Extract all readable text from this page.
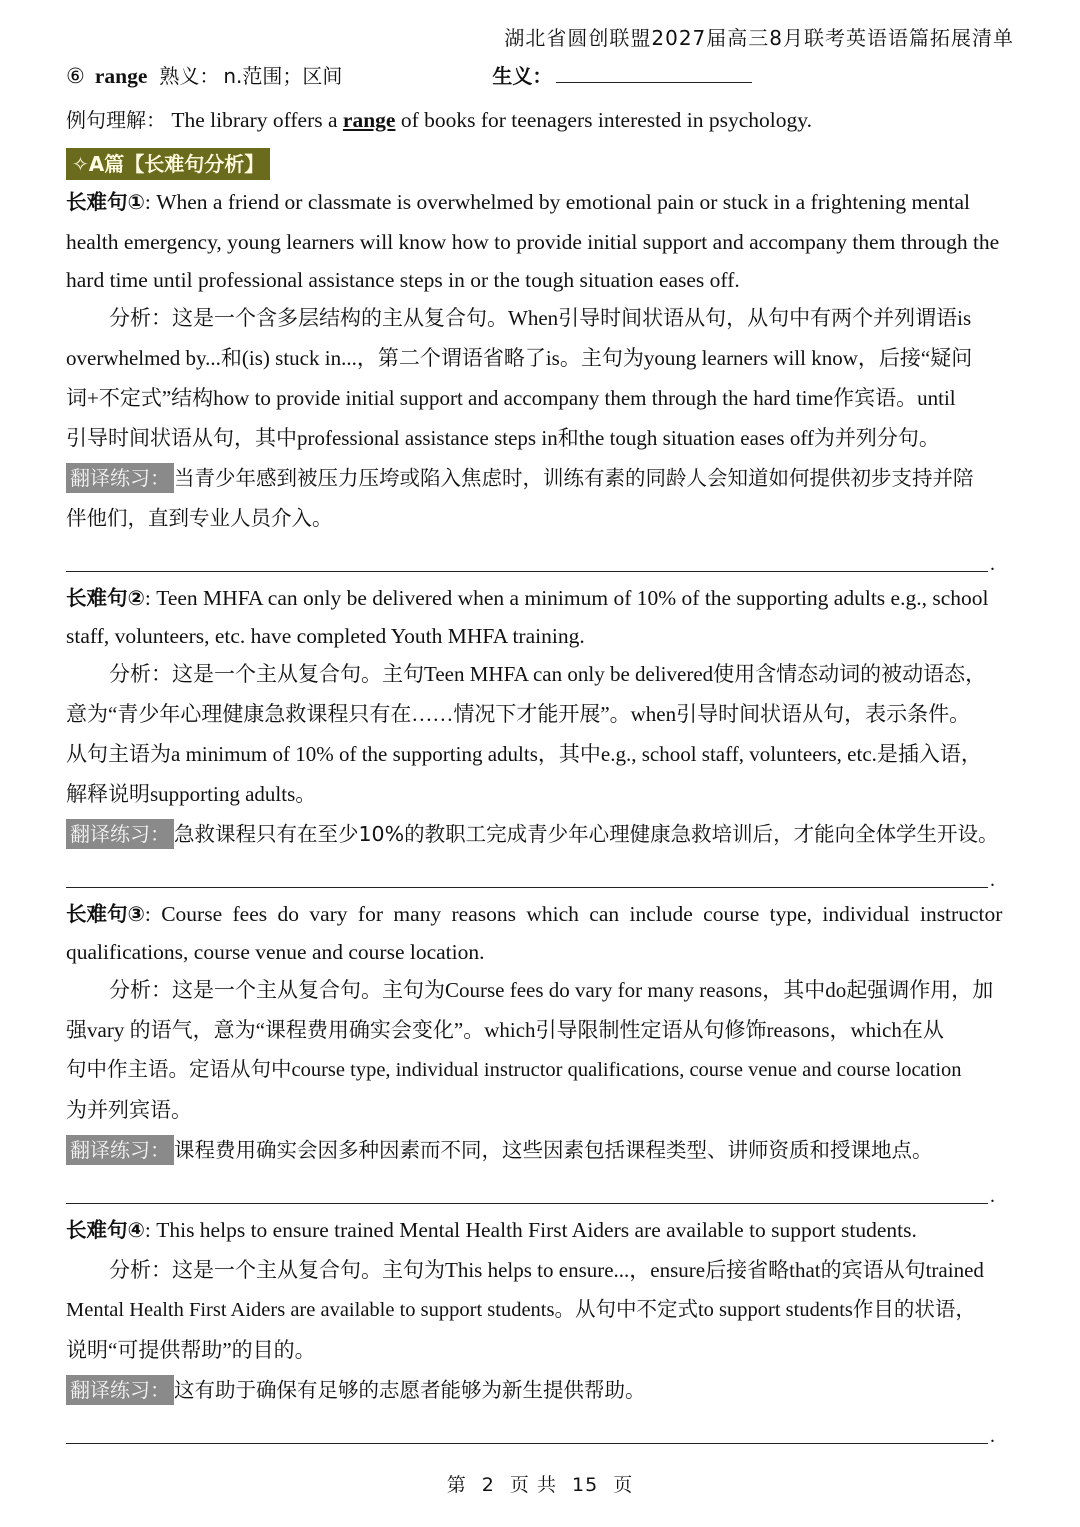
湖北省圆创联盟2027届高三8月联考英语语篇拓展清单
⑥ range 熟义： n.范围；区间	生义：
例句理解： The library offers a range of books for teenagers interested in psychology.
✧A篇【长难句分析】
长难句①: When a friend or classmate is overwhelmed by emotional pain or stuck in a frightening mental
health emergency, young learners will know how to provide initial support and accompany them through the
hard time until professional assistance steps in or the tough situation eases off.
分析：这是一个含多层结构的主从复合句。When引导时间状语从句，从句中有两个并列谓语is
overwhelmed by...和(is) stuck in...，第二个谓语省略了is。主句为young learners will know，后接“疑问
词+不定式”结构how to provide initial support and accompany them through the hard time作宾语。until
引导时间状语从句，其中professional assistance steps in和the tough situation eases off为并列分句。
翻译练习： 当青少年感到被压力压垮或陷入焦虑时，训练有素的同龄人会知道如何提供初步支持并陪
伴他们，直到专业人员介入。
.
长难句②: Teen MHFA can only be delivered when a minimum of 10% of the supporting adults e.g., school
staff, volunteers, etc. have completed Youth MHFA training.
分析：这是一个主从复合句。主句Teen MHFA can only be delivered使用含情态动词的被动语态，
意为“青少年心理健康急救课程只有在……情况下才能开展”。when引导时间状语从句，表示条件。
从句主语为a minimum of 10% of the supporting adults，其中e.g., school staff, volunteers, etc.是插入语，
解释说明supporting adults。
翻译练习： 急救课程只有在至少10%的教职工完成青少年心理健康急救培训后，才能向全体学生开设。
.
长难句③: Course fees do vary for many reasons which can include course type, individual instructor
qualifications, course venue and course location.
分析：这是一个主从复合句。主句为Course fees do vary for many reasons，其中do起强调作用，加
强vary 的语气，意为“课程费用确实会变化”。which引导限制性定语从句修饰reasons，which在从
句中作主语。定语从句中course type, individual instructor qualifications, course venue and course location
为并列宾语。
翻译练习： 课程费用确实会因多种因素而不同，这些因素包括课程类型、讲师资质和授课地点。
.
长难句④: This helps to ensure trained Mental Health First Aiders are available to support students.
分析：这是一个主从复合句。主句为This helps to ensure...，ensure后接省略that的宾语从句trained
Mental Health First Aiders are available to support students。从句中不定式to support students作目的状语，
说明“可提供帮助”的目的。
翻译练习： 这有助于确保有足够的志愿者能够为新生提供帮助。
.
第 2 页 共 15 页
